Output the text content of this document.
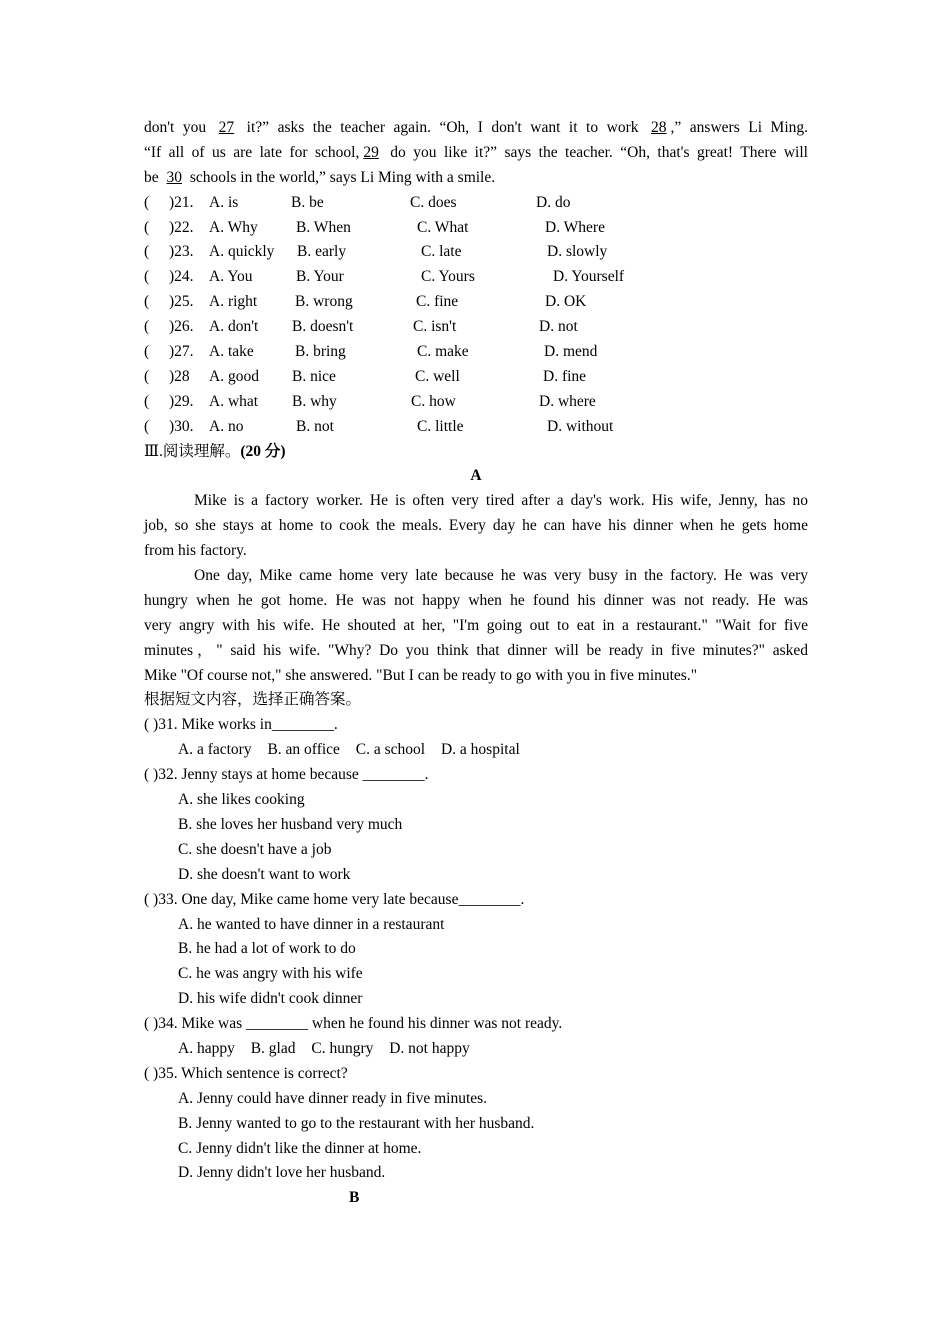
don't you 27 it?” asks the teacher again. “Oh, I don't want it to work 28 ,” answers Li Ming.
“If all of us are late for school, 29 do you like it?” says the teacher. “Oh, that's great! There will
be 30 schools in the world,” says Li Ming with a smile.
( )21. A. is	B. be	C. does	D. do
( )22. A. Why B. When	C. What	D. Where
( )23. A. quickly B. early	C. late	D. slowly
( )24. A. You	B. Your	C. Yours	D. Yourself
( )25. A. right B. wrong	C. fine	D. OK
( )26. A. don't B. doesn't	C. isn't	D. not
( )27. A. take	B. bring	C. make	D. mend
( )28 A. good B. nice	C. well	D. fine
( )29. A. what B. why	C. how	D. where
( )30. A. no	B. not	C. little	D. without
Ⅲ.阅读理解。(20 分)
A
Mike is a factory worker. He is often very tired after a day's work. His wife, Jenny, has no
job, so she stays at home to cook the meals. Every day he can have his dinner when he gets home
from his factory.
One day, Mike came home very late because he was very busy in the factory. He was very
hungry when he got home. He was not happy when he found his dinner was not ready. He was
very angry with his wife. He shouted at her, "I'm going out to eat in a restaurant." "Wait for five
minutes，" said his wife. "Why? Do you think that dinner will be ready in five minutes?" asked
Mike "Of course not," she answered. "But I can be ready to go with you in five minutes."
根据短文内容，选择正确答案。
( )31. Mike works in________.
A. a factory B. an office C. a school D. a hospital
( )32. Jenny stays at home because ________.
A. she likes cooking
B. she loves her husband very much
C. she doesn't have a job
D. she doesn't want to work
( )33. One day, Mike came home very late because________.
A. he wanted to have dinner in a restaurant
B. he had a lot of work to do
C. he was angry with his wife
D. his wife didn't cook dinner
( )34. Mike was ________ when he found his dinner was not ready.
A. happy B. glad C. hungry D. not happy
( )35. Which sentence is correct?
A. Jenny could have dinner ready in five minutes.
B. Jenny wanted to go to the restaurant with her husband.
C. Jenny didn't like the dinner at home.
D. Jenny didn't love her husband.
B
